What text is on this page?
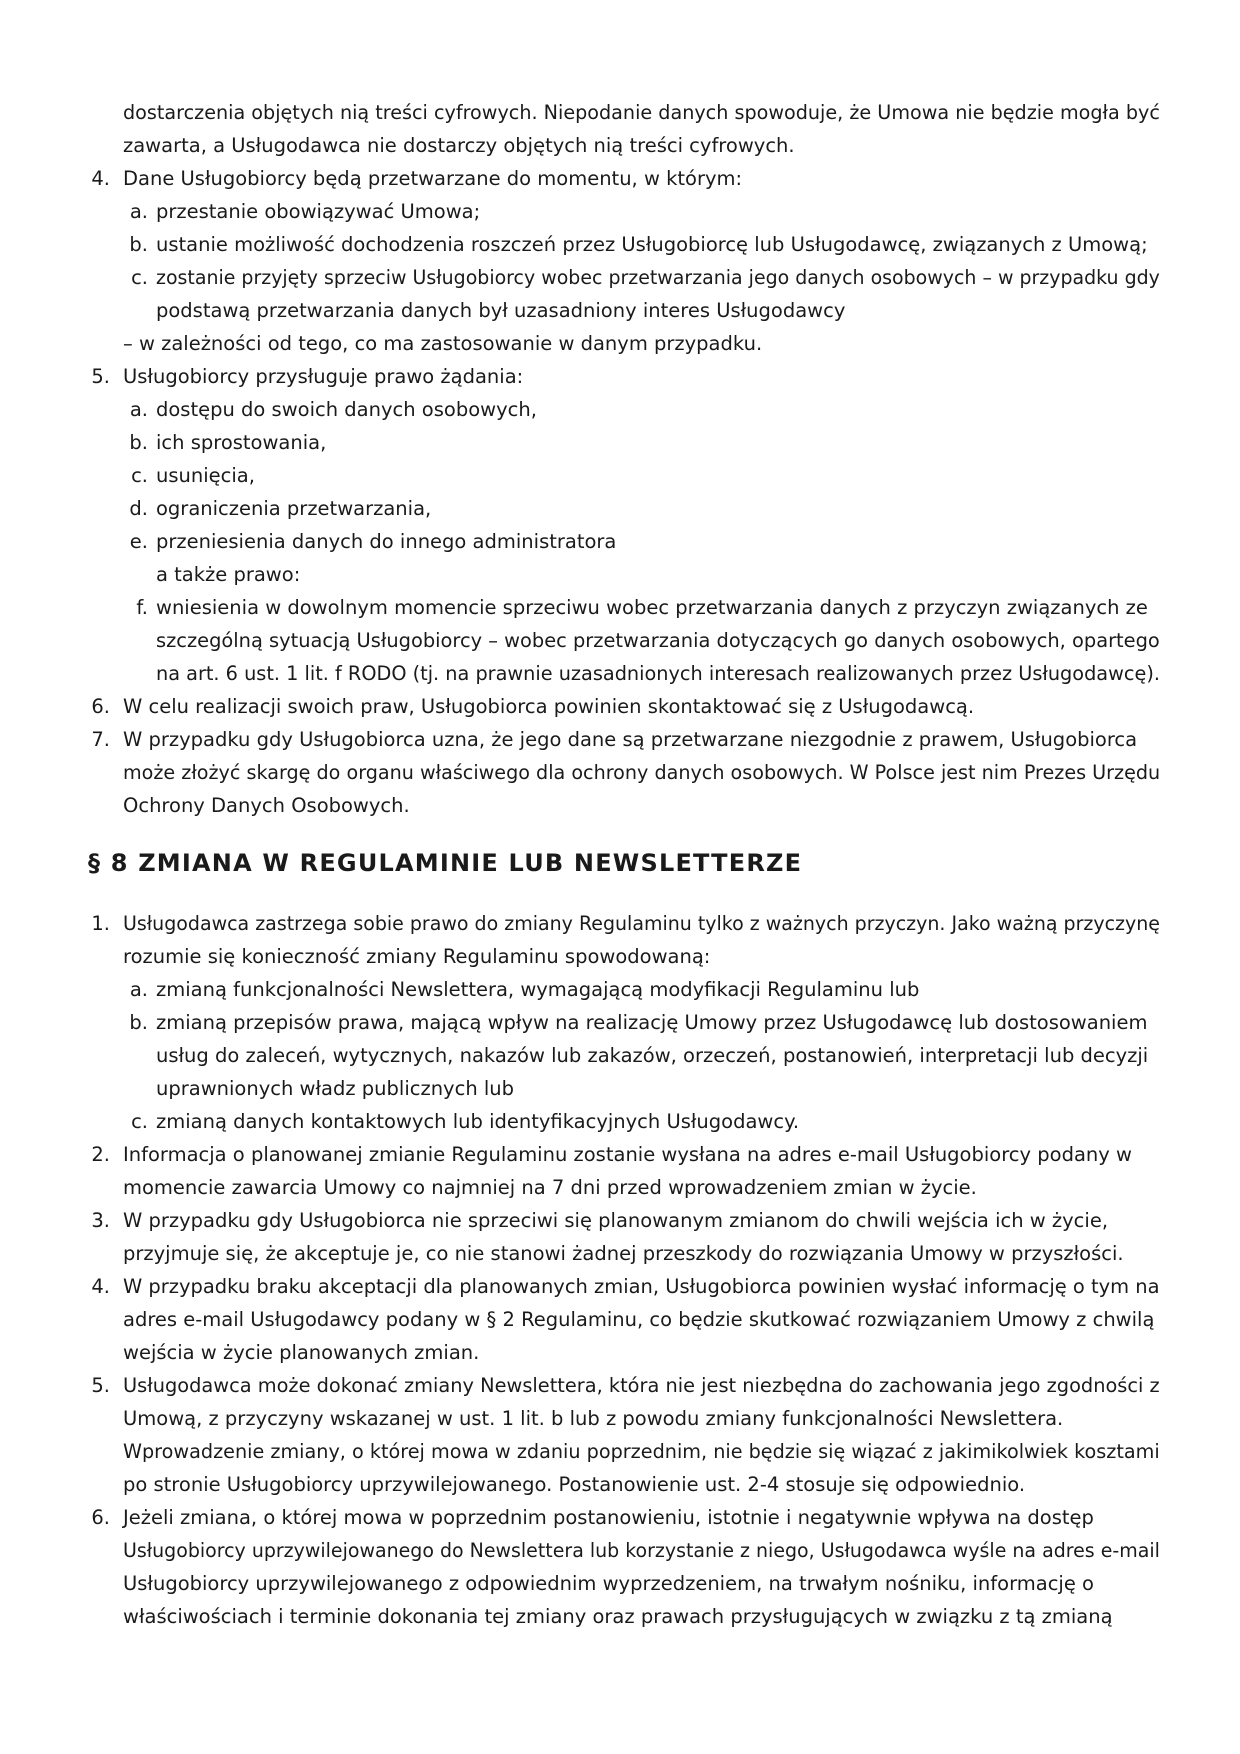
dostarczenia objętych nią treści cyfrowych. Niepodanie danych spowoduje, że Umowa nie będzie mogła być
zawarta, a Usługodawca nie dostarczy objętych nią treści cyfrowych.
4. Dane Usługobiorcy będą przetwarzane do momentu, w którym:
a. przestanie obowiązywać Umowa;
b. ustanie możliwość dochodzenia roszczeń przez Usługobiorcę lub Usługodawcę, związanych z Umową;
c. zostanie przyjęty sprzeciw Usługobiorcy wobec przetwarzania jego danych osobowych – w przypadku gdy
podstawą przetwarzania danych był uzasadniony interes Usługodawcy
– w zależności od tego, co ma zastosowanie w danym przypadku.
5. Usługobiorcy przysługuje prawo żądania:
a. dostępu do swoich danych osobowych,
b. ich sprostowania,
c. usunięcia,
d. ograniczenia przetwarzania,
e. przeniesienia danych do innego administratora
a także prawo:
f. wniesienia w dowolnym momencie sprzeciwu wobec przetwarzania danych z przyczyn związanych ze
szczególną sytuacją Usługobiorcy – wobec przetwarzania dotyczących go danych osobowych, opartego
na art. 6 ust. 1 lit. f RODO (tj. na prawnie uzasadnionych interesach realizowanych przez Usługodawcę).
6. W celu realizacji swoich praw, Usługobiorca powinien skontaktować się z Usługodawcą.
7. W przypadku gdy Usługobiorca uzna, że jego dane są przetwarzane niezgodnie z prawem, Usługobiorca
może złożyć skargę do organu właściwego dla ochrony danych osobowych. W Polsce jest nim Prezes Urzędu
Ochrony Danych Osobowych.
§ 8 ZMIANA W REGULAMINIE LUB NEWSLETTERZE
1. Usługodawca zastrzega sobie prawo do zmiany Regulaminu tylko z ważnych przyczyn. Jako ważną przyczynę
rozumie się konieczność zmiany Regulaminu spowodowaną:
a. zmianą funkcjonalności Newslettera, wymagającą modyfikacji Regulaminu lub
b. zmianą przepisów prawa, mającą wpływ na realizację Umowy przez Usługodawcę lub dostosowaniem
usług do zaleceń, wytycznych, nakazów lub zakazów, orzeczeń, postanowień, interpretacji lub decyzji
uprawnionych władz publicznych lub
c. zmianą danych kontaktowych lub identyfikacyjnych Usługodawcy.
2. Informacja o planowanej zmianie Regulaminu zostanie wysłana na adres e-mail Usługobiorcy podany w
momencie zawarcia Umowy co najmniej na 7 dni przed wprowadzeniem zmian w życie.
3. W przypadku gdy Usługobiorca nie sprzeciwi się planowanym zmianom do chwili wejścia ich w życie,
przyjmuje się, że akceptuje je, co nie stanowi żadnej przeszkody do rozwiązania Umowy w przyszłości.
4. W przypadku braku akceptacji dla planowanych zmian, Usługobiorca powinien wysłać informację o tym na
adres e-mail Usługodawcy podany w § 2 Regulaminu, co będzie skutkować rozwiązaniem Umowy z chwilą
wejścia w życie planowanych zmian.
5. Usługodawca może dokonać zmiany Newslettera, która nie jest niezbędna do zachowania jego zgodności z
Umową, z przyczyny wskazanej w ust. 1 lit. b lub z powodu zmiany funkcjonalności Newslettera.
Wprowadzenie zmiany, o której mowa w zdaniu poprzednim, nie będzie się wiązać z jakimikolwiek kosztami
po stronie Usługobiorcy uprzywilejowanego. Postanowienie ust. 2-4 stosuje się odpowiednio.
6. Jeżeli zmiana, o której mowa w poprzednim postanowieniu, istotnie i negatywnie wpływa na dostęp
Usługobiorcy uprzywilejowanego do Newslettera lub korzystanie z niego, Usługodawca wyśle na adres e-mail
Usługobiorcy uprzywilejowanego z odpowiednim wyprzedzeniem, na trwałym nośniku, informację o
właściwościach i terminie dokonania tej zmiany oraz prawach przysługujących w związku z tą zmianą
